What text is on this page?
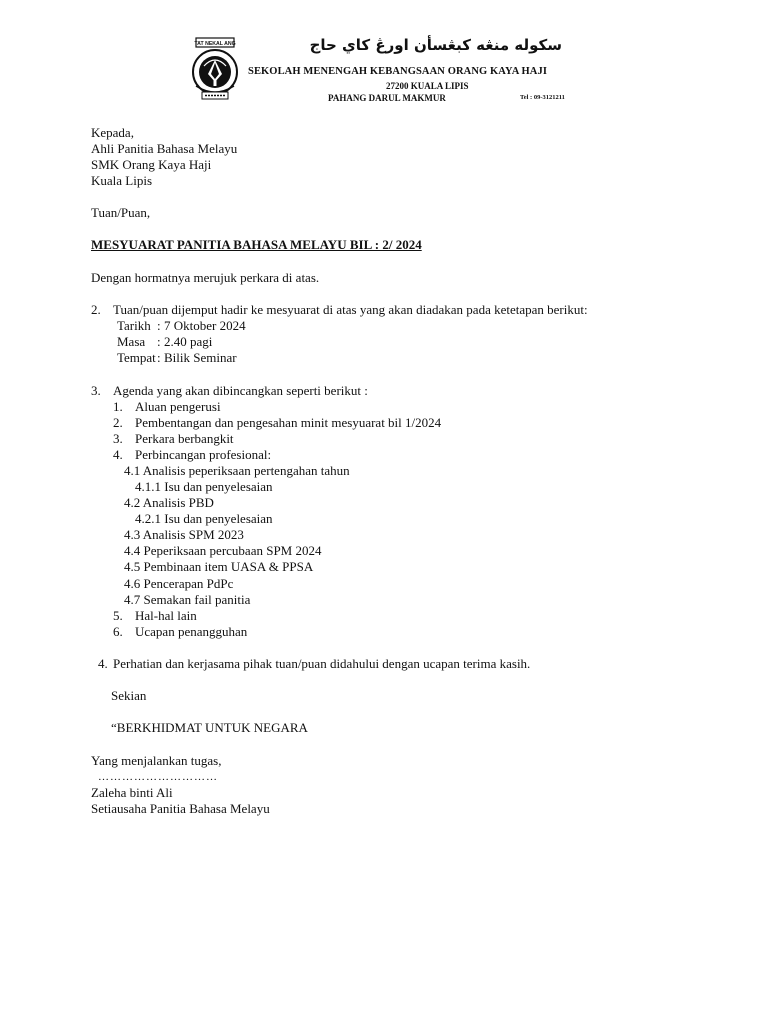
TAT NEKAL ANG	سکوله منڠه کبڠسأن اورڠ کاي حاج
SEKOLAH MENENGAH KEBANGSAAN ORANG KAYA HAJI
27200 KUALA LIPIS
PAHANG DARUL MAKMUR	Tel : 09-3121211
Kepada,
Ahli Panitia Bahasa Melayu
SMK Orang Kaya Haji
Kuala Lipis
Tuan/Puan,
MESYUARAT PANITIA BAHASA MELAYU BIL : 2/ 2024
Dengan hormatnya merujuk perkara di atas.
2. Tuan/puan dijemput hadir ke mesyuarat di atas yang akan diadakan pada ketetapan berikut:
Tarikh : 7 Oktober 2024
Masa : 2.40 pagi
Tempat : Bilik Seminar
3. Agenda yang akan dibincangkan seperti berikut :
1. Aluan pengerusi
2. Pembentangan dan pengesahan minit mesyuarat bil 1/2024
3. Perkara berbangkit
4. Perbincangan profesional:
4.1 Analisis peperiksaan pertengahan tahun
4.1.1 Isu dan penyelesaian
4.2 Analisis PBD
4.2.1 Isu dan penyelesaian
4.3 Analisis SPM 2023
4.4 Peperiksaan percubaan SPM 2024
4.5 Pembinaan item UASA & PPSA
4.6 Pencerapan PdPc
4.7 Semakan fail panitia
5. Hal-hal lain
6. Ucapan penangguhan
4. Perhatian dan kerjasama pihak tuan/puan didahului dengan ucapan terima kasih.
Sekian
“BERKHIDMAT UNTUK NEGARA
Yang menjalankan tugas,
…………………………
Zaleha binti Ali
Setiausaha Panitia Bahasa Melayu
